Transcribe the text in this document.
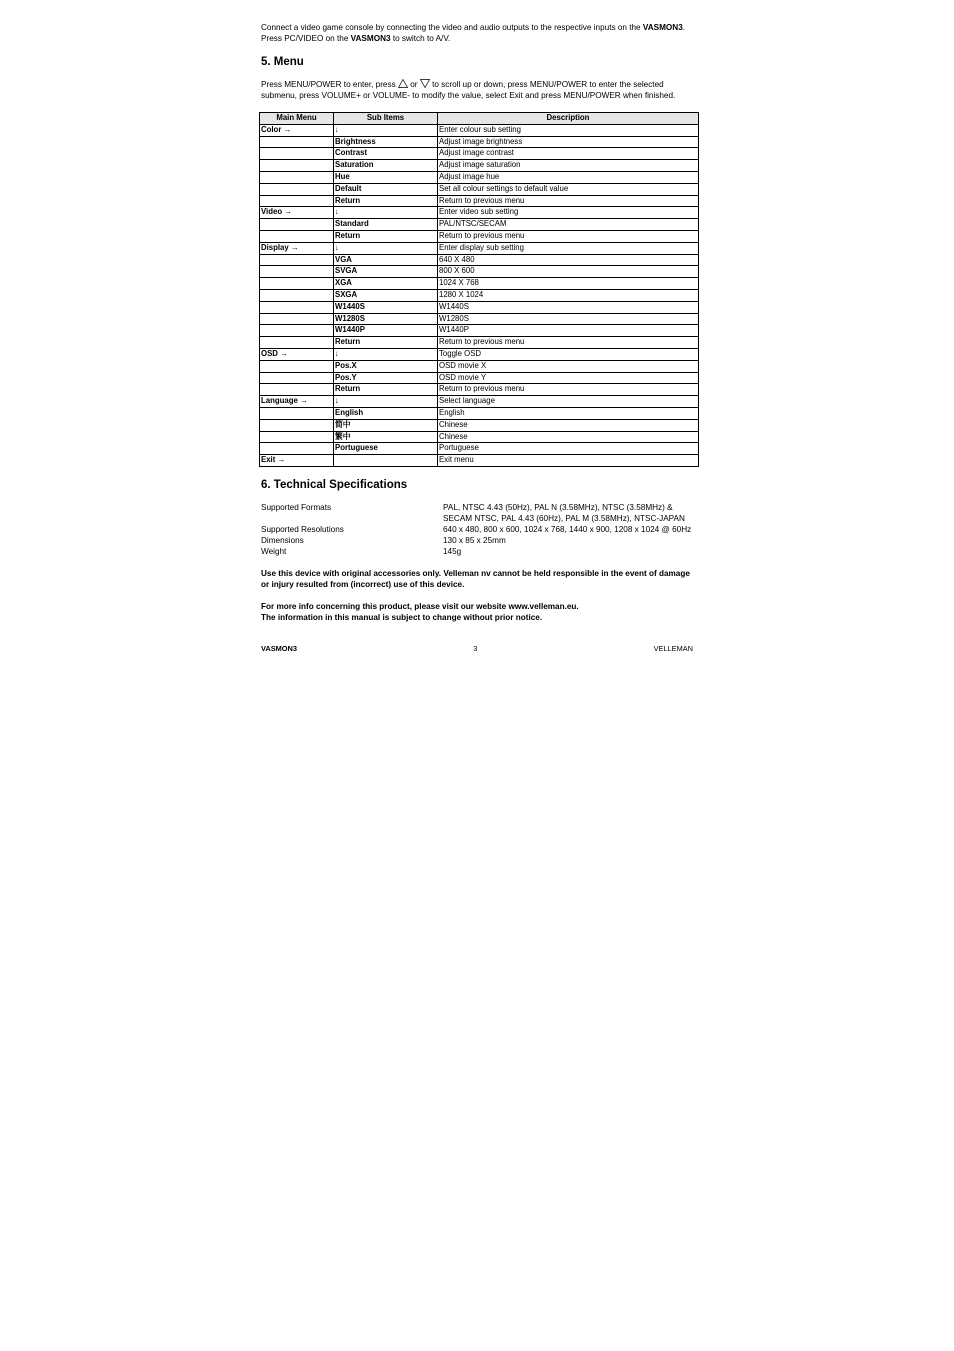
Connect a video game console by connecting the video and audio outputs to the respective inputs on the VASMON3. Press PC/VIDEO on the VASMON3 to switch to A/V.

5. Menu

Press MENU/POWER to enter, press  or  to scroll up or down, press MENU/POWER to enter the selected submenu, press VOLUME+ or VOLUME- to modify the value, select Exit and press MENU/POWER when finished.

Main Menu	Sub Items	Description
Color →	↓	Enter colour sub setting
	Brightness	Adjust image brightness
	Contrast	Adjust image contrast
	Saturation	Adjust image saturation
	Hue	Adjust image hue
	Default	Set all colour settings to default value
	Return	Return to previous menu
Video →	↓	Enter video sub setting
	Standard	PAL/NTSC/SECAM
	Return	Return to previous menu
Display →	↓	Enter display sub setting
	VGA	640 X 480
	SVGA	800 X 600
	XGA	1024 X 768
	SXGA	1280 X 1024
	W1440S	W1440S
	W1280S	W1280S
	W1440P	W1440P
	Return	Return to previous menu
OSD →	↓	Toggle OSD
	Pos.X	OSD movie X
	Pos.Y	OSD movie Y
	Return	Return to previous menu
Language →	↓	Select language
	English	English
	简中	Chinese
	繁中	Chinese
	Portuguese	Portuguese
Exit →		Exit menu
6. Technical Specifications
Supported Formats	PAL, NTSC 4.43 (50Hz), PAL N (3.58MHz), NTSC (3.58MHz) & SECAM NTSC, PAL 4.43 (60Hz), PAL M (3.58MHz), NTSC-JAPAN
Supported Resolutions	640 x 480, 800 x 600, 1024 x 768, 1440 x 900, 1208 x 1024 @ 60Hz
Dimensions	130 x 85 x 25mm
Weight	145g

Use this device with original accessories only. Velleman nv cannot be held responsible in the event of damage or injury resulted from (incorrect) use of this device.

For more info concerning this product, please visit our website www.velleman.eu.
The information in this manual is subject to change without prior notice.

VASMON3	3	VELLEMAN
